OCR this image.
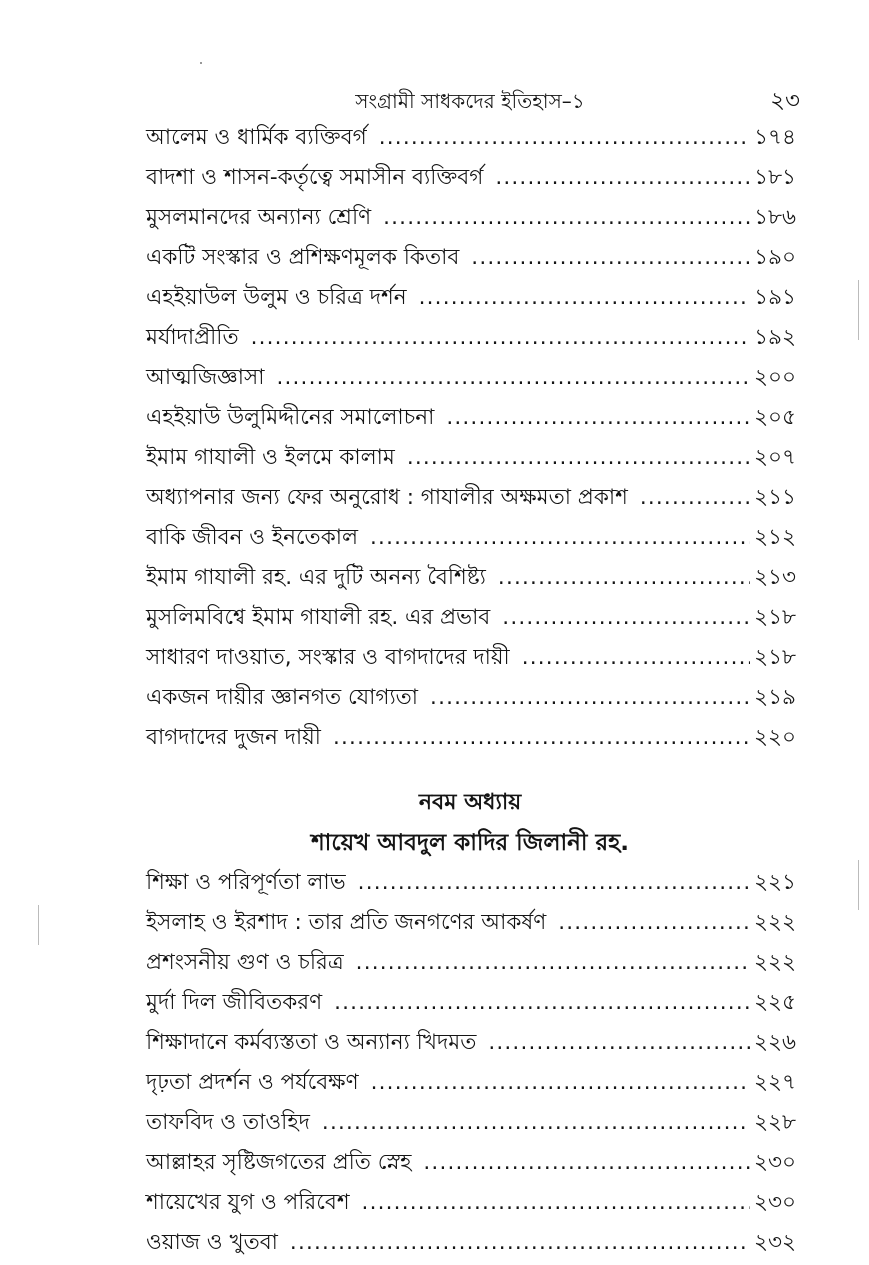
সংগ্রামী সাধকদের ইতিহাস–১	২৩
আলেম ও ধার্মিক ব্যক্তিবর্গ .....	১৭৪
বাদশা ও শাসন-কর্তৃত্বে সমাসীন ব্যক্তিবর্গ .....	১৮১
মুসলমানদের অন্যান্য শ্রেণি .....	১৮৬
একটি সংস্কার ও প্রশিক্ষণমূলক কিতাব .....	১৯০
এহইয়াউল উলুম ও চরিত্র দর্শন .....	১৯১
মর্যাদাপ্রীতি .....	১৯২
আত্মজিজ্ঞাসা .....	২০০
এহইয়াউ উলুমিদ্দীনের সমালোচনা .....	২০৫
ইমাম গাযালী ও ইলমে কালাম .....	২০৭
অধ্যাপনার জন্য ফের অনুরোধ : গাযালীর অক্ষমতা প্রকাশ .....	২১১
বাকি জীবন ও ইনতেকাল .....	২১২
ইমাম গাযালী রহ. এর দুটি অনন্য বৈশিষ্ট্য .....	২১৩
মুসলিমবিশ্বে ইমাম গাযালী রহ. এর প্রভাব .....	২১৮
সাধারণ দাওয়াত, সংস্কার ও বাগদাদের দায়ী .....	২১৮
একজন দায়ীর জ্ঞানগত যোগ্যতা .....	২১৯
বাগদাদের দুজন দায়ী .....	২২০
নবম অধ্যায়
শায়েখ আবদুল কাদির জিলানী রহ.
শিক্ষা ও পরিপূর্ণতা লাভ .....	২২১
ইসলাহ ও ইরশাদ : তার প্রতি জনগণের আকর্ষণ .....	২২২
প্রশংসনীয় গুণ ও চরিত্র .....	২২২
মুর্দা দিল জীবিতকরণ .....	২২৫
শিক্ষাদানে কর্মব্যস্ততা ও অন্যান্য খিদমত .....	২২৬
দৃঢ়তা প্রদর্শন ও পর্যবেক্ষণ .....	২২৭
তাফবিদ ও তাওহিদ .....	২২৮
আল্লাহর সৃষ্টিজগতের প্রতি স্নেহ .....	২৩০
শায়েখের যুগ ও পরিবেশ .....	২৩০
ওয়াজ ও খুতবা .....	২৩২
